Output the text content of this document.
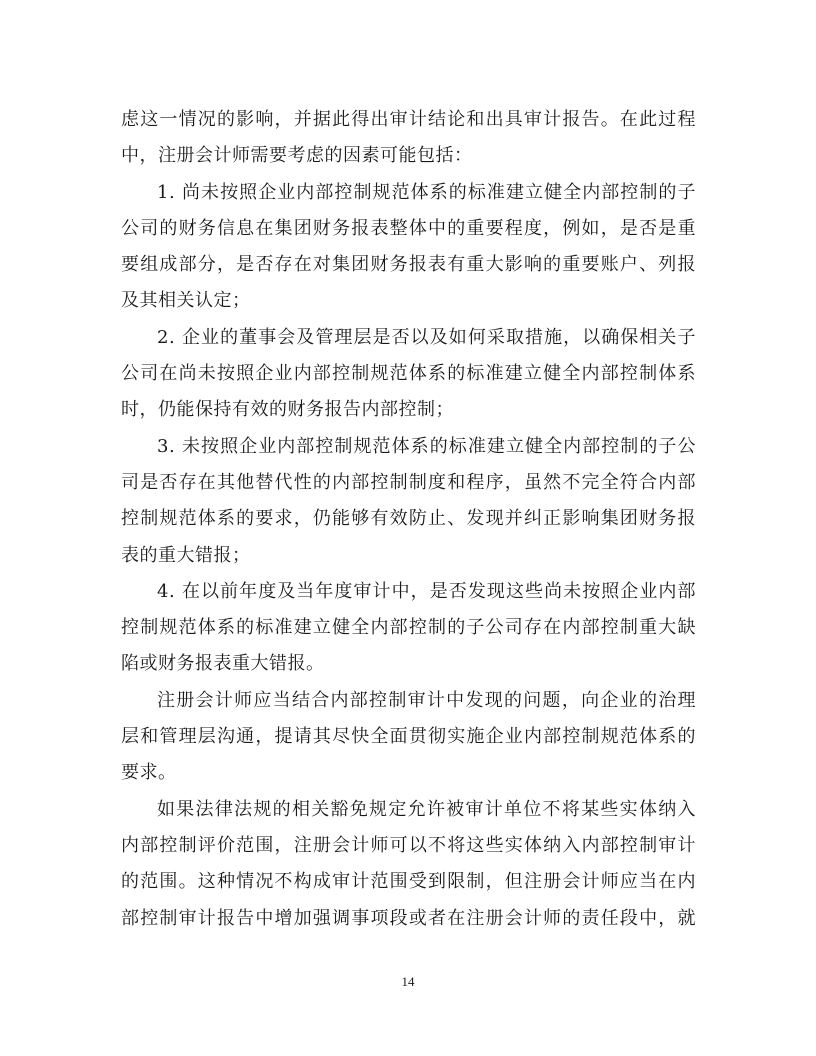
虑这一情况的影响，并据此得出审计结论和出具审计报告。在此过程
中，注册会计师需要考虑的因素可能包括：
1. 尚未按照企业内部控制规范体系的标准建立健全内部控制的子
公司的财务信息在集团财务报表整体中的重要程度，例如，是否是重
要组成部分，是否存在对集团财务报表有重大影响的重要账户、列报
及其相关认定；
2. 企业的董事会及管理层是否以及如何采取措施，以确保相关子
公司在尚未按照企业内部控制规范体系的标准建立健全内部控制体系
时，仍能保持有效的财务报告内部控制；
3. 未按照企业内部控制规范体系的标准建立健全内部控制的子公
司是否存在其他替代性的内部控制制度和程序，虽然不完全符合内部
控制规范体系的要求，仍能够有效防止、发现并纠正影响集团财务报
表的重大错报；
4. 在以前年度及当年度审计中，是否发现这些尚未按照企业内部
控制规范体系的标准建立健全内部控制的子公司存在内部控制重大缺
陷或财务报表重大错报。
注册会计师应当结合内部控制审计中发现的问题，向企业的治理
层和管理层沟通，提请其尽快全面贯彻实施企业内部控制规范体系的
要求。
如果法律法规的相关豁免规定允许被审计单位不将某些实体纳入
内部控制评价范围，注册会计师可以不将这些实体纳入内部控制审计
的范围。这种情况不构成审计范围受到限制，但注册会计师应当在内
部控制审计报告中增加强调事项段或者在注册会计师的责任段中，就
14
